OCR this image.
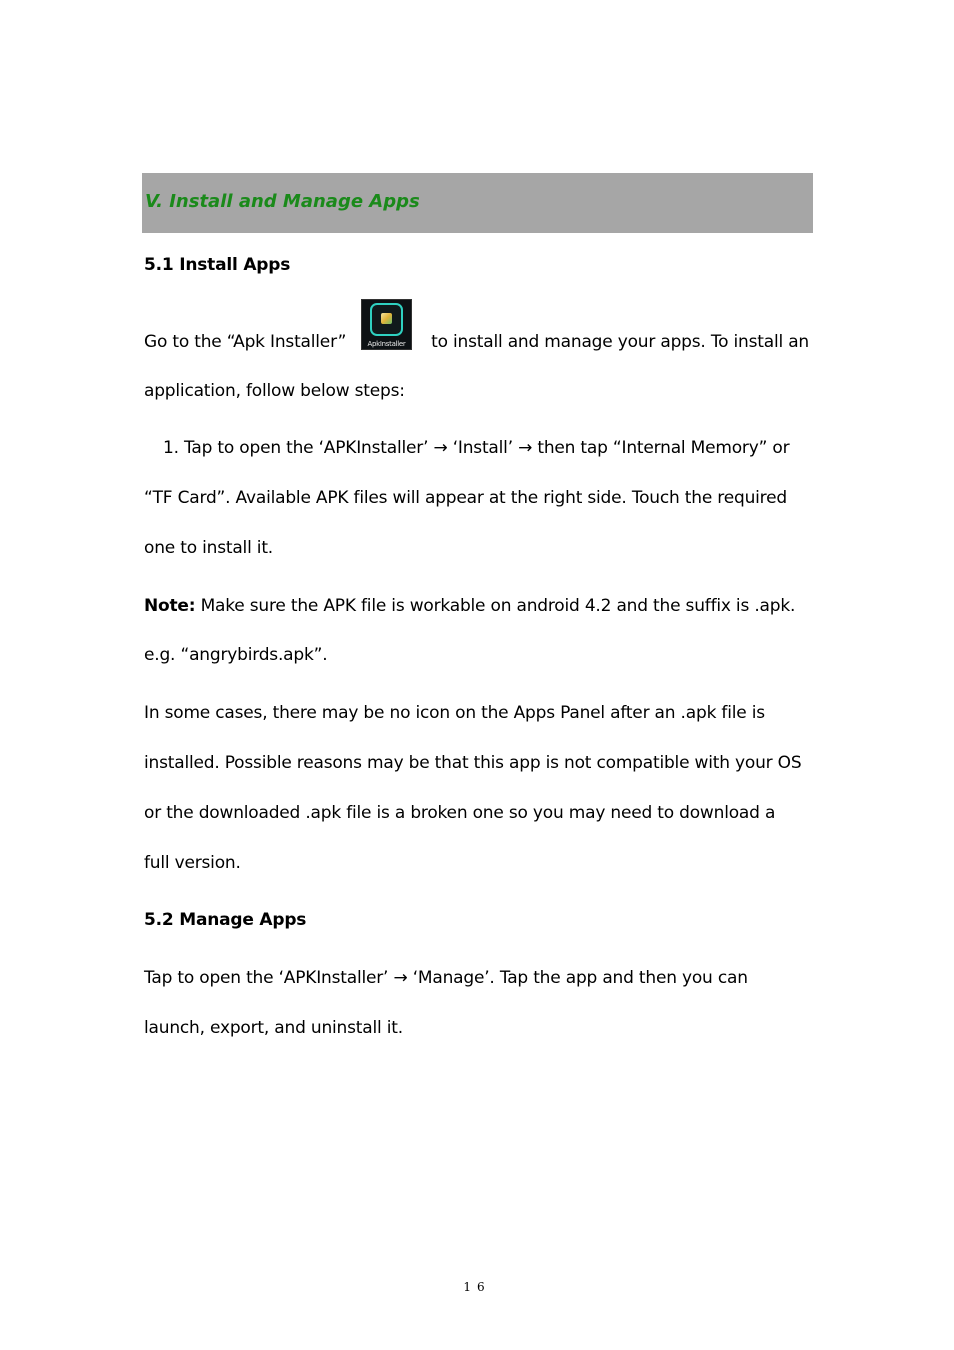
V. Install and Manage Apps
5.1 Install Apps
Go to the “Apk Installer”	ApkInstaller	to install and manage your apps. To install an
application, follow below steps:
1. Tap to open the ‘APKInstaller’ → ‘Install’ → then tap “Internal Memory” or
“TF Card”. Available APK files will appear at the right side. Touch the required
one to install it.
Note: Make sure the APK file is workable on android 4.2 and the suffix is .apk.
e.g. “angrybirds.apk”.
In some cases, there may be no icon on the Apps Panel after an .apk file is
installed. Possible reasons may be that this app is not compatible with your OS
or the downloaded .apk file is a broken one so you may need to download a
full version.
5.2 Manage Apps
Tap to open the ‘APKInstaller’ → ‘Manage’. Tap the app and then you can
launch, export, and uninstall it.
16
